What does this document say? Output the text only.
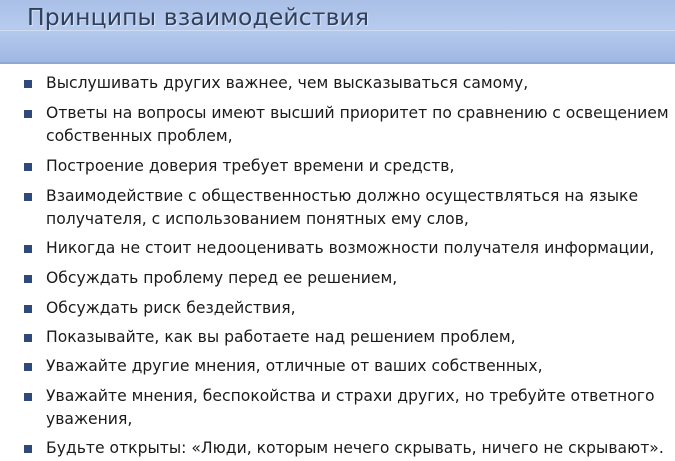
Принципы взаимодействия
Выслушивать других важнее, чем высказываться самому,
Ответы на вопросы имеют высший приоритет по сравнению с освещением
собственных проблем,
Построение доверия требует времени и средств,
Взаимодействие с общественностью должно осуществляться на языке
получателя, с использованием понятных ему слов,
Никогда не стоит недооценивать возможности получателя информации,
Обсуждать проблему перед ее решением,
Обсуждать риск бездействия,
Показывайте, как вы работаете над решением проблем,
Уважайте другие мнения, отличные от ваших собственных,
Уважайте мнения, беспокойства и страхи других, но требуйте ответного
уважения,
Будьте открыты: «Люди, которым нечего скрывать, ничего не скрывают».
